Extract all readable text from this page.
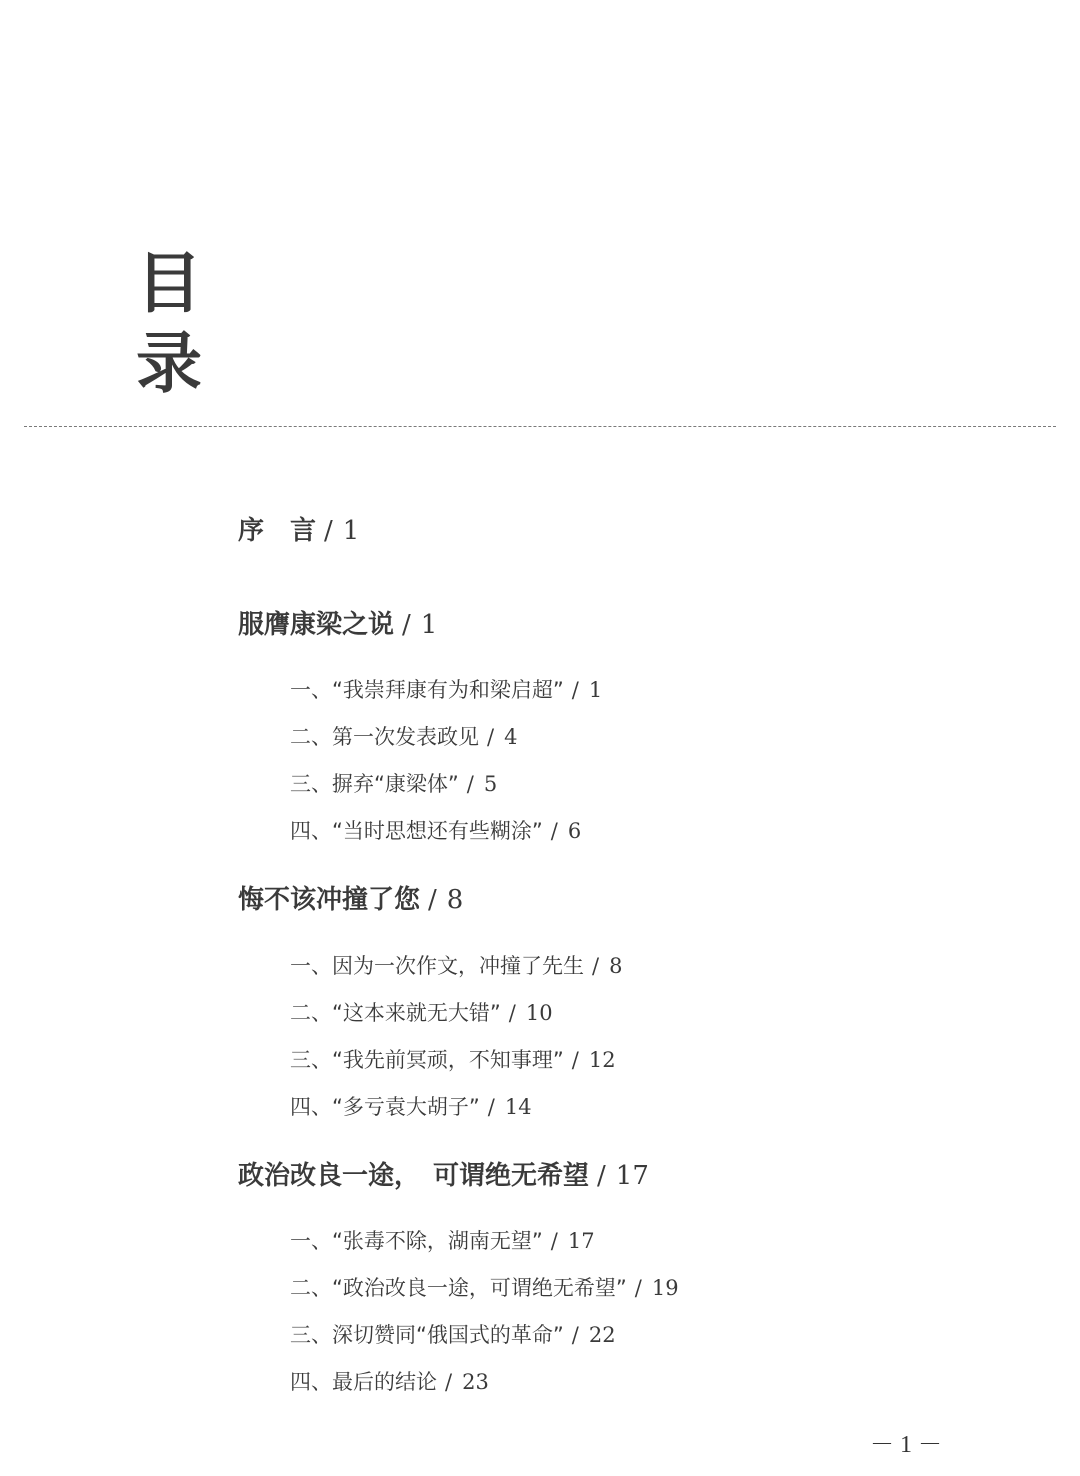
目
录
序　言 / 1
服膺康梁之说 / 1
一、“我崇拜康有为和梁启超” / 1
二、第一次发表政见 / 4
三、摒弃“康梁体” / 5
四、“当时思想还有些糊涂” / 6
悔不该冲撞了您 / 8
一、因为一次作文，冲撞了先生 / 8
二、“这本来就无大错” / 10
三、“我先前冥顽，不知事理” / 12
四、“多亏袁大胡子” / 14
政治改良一途，　可谓绝无希望 / 17
一、“张毒不除，湖南无望” / 17
二、“政治改良一途，可谓绝无希望” / 19
三、深切赞同“俄国式的革命” / 22
四、最后的结论 / 23
－ 1 －
